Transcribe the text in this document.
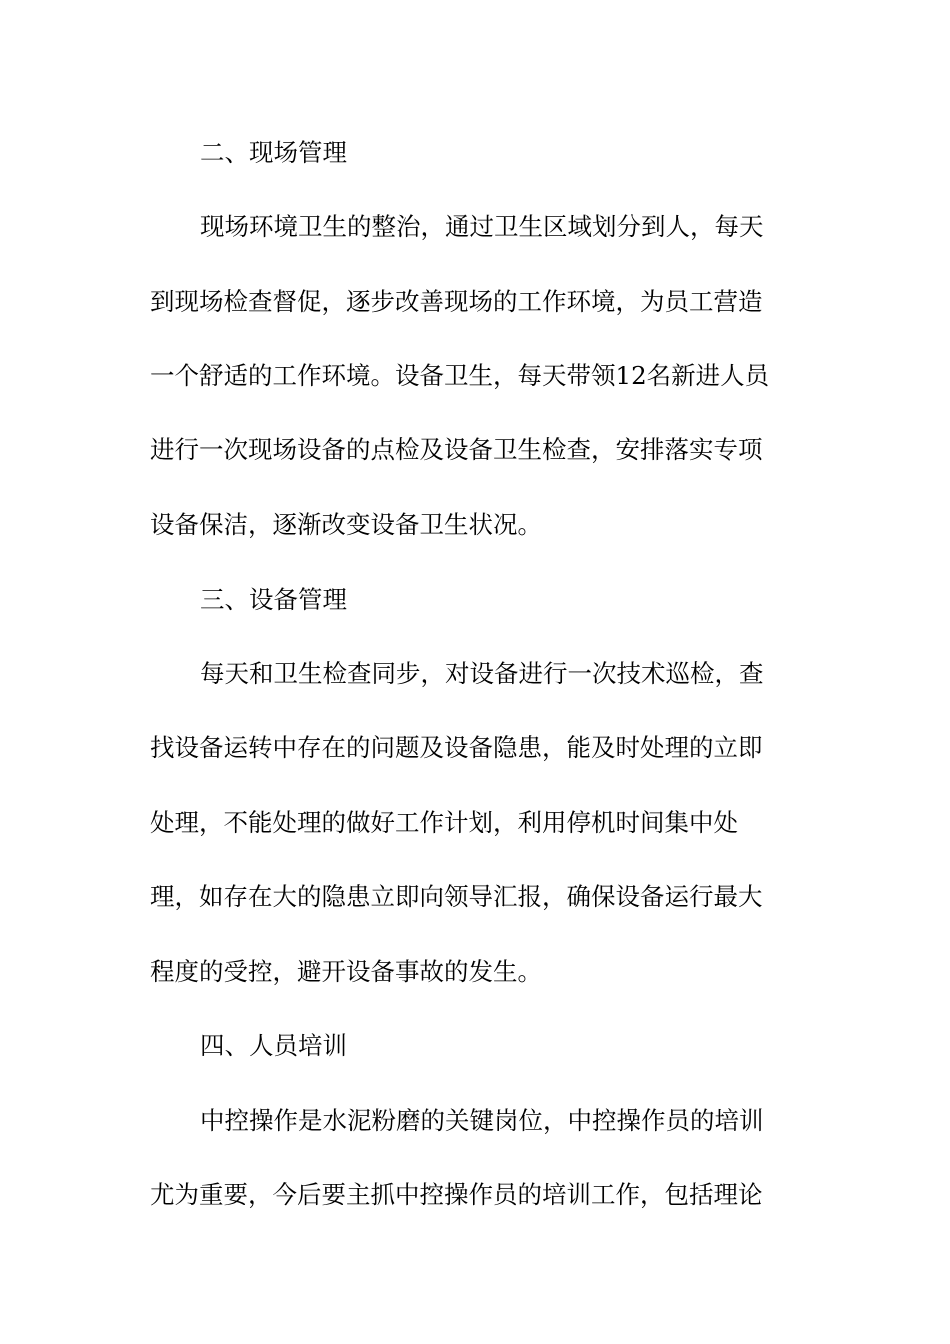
二、现场管理
现场环境卫生的整治，通过卫生区域划分到人，每天
到现场检查督促，逐步改善现场的工作环境，为员工营造
一个舒适的工作环境。设备卫生，每天带领12名新进人员
进行一次现场设备的点检及设备卫生检查，安排落实专项
设备保洁，逐渐改变设备卫生状况。
三、设备管理
每天和卫生检查同步，对设备进行一次技术巡检，查
找设备运转中存在的问题及设备隐患，能及时处理的立即
处理，不能处理的做好工作计划，利用停机时间集中处
理，如存在大的隐患立即向领导汇报，确保设备运行最大
程度的受控，避开设备事故的发生。
四、人员培训
中控操作是水泥粉磨的关键岗位，中控操作员的培训
尤为重要，今后要主抓中控操作员的培训工作，包括理论
